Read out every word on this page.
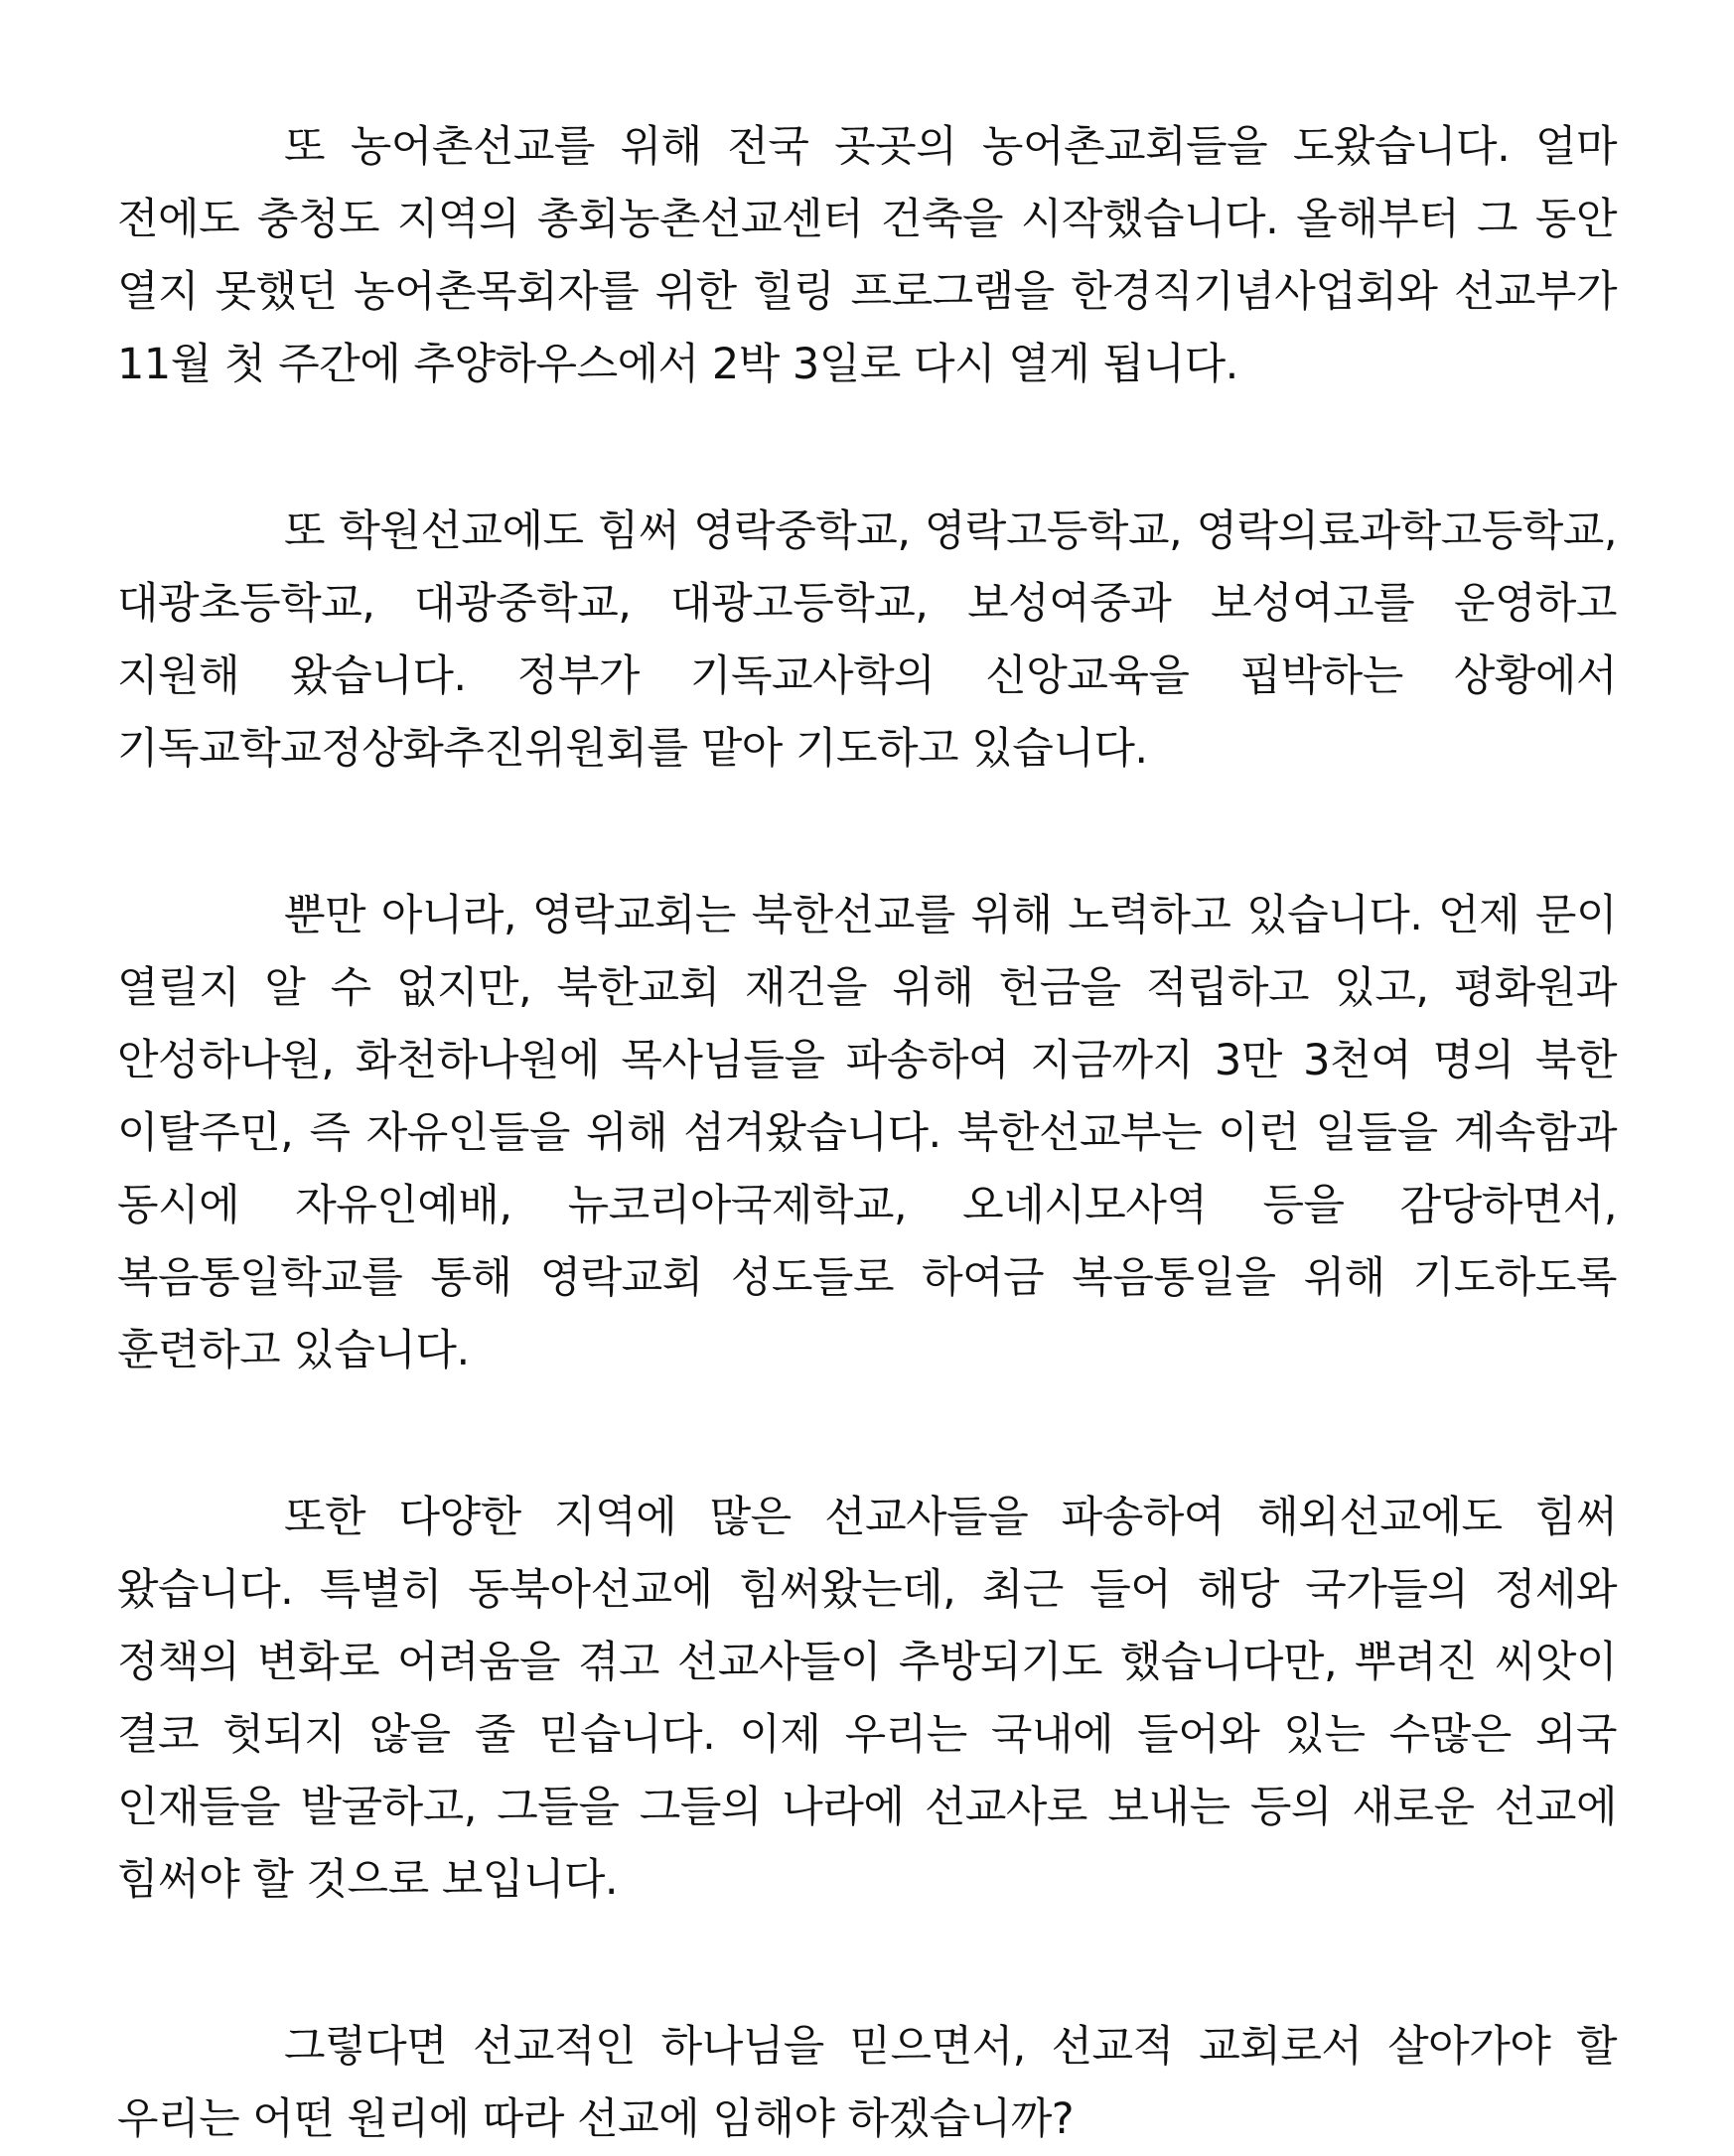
또 농어촌선교를 위해 전국 곳곳의 농어촌교회들을 도왔습니다. 얼마 전에도 충청도 지역의 총회농촌선교센터 건축을 시작했습니다. 올해부터 그 동안 열지 못했던 농어촌목회자를 위한 힐링 프로그램을 한경직기념사업회와 선교부가 11월 첫 주간에 추양하우스에서 2박 3일로 다시 열게 됩니다.

또 학원선교에도 힘써 영락중학교, 영락고등학교, 영락의료과학고등학교, 대광초등학교, 대광중학교, 대광고등학교, 보성여중과 보성여고를 운영하고 지원해 왔습니다. 정부가 기독교사학의 신앙교육을 핍박하는 상황에서 기독교학교정상화추진위원회를 맡아 기도하고 있습니다.

뿐만 아니라, 영락교회는 북한선교를 위해 노력하고 있습니다. 언제 문이 열릴지 알 수 없지만, 북한교회 재건을 위해 헌금을 적립하고 있고, 평화원과 안성하나원, 화천하나원에 목사님들을 파송하여 지금까지 3만 3천여 명의 북한 이탈주민, 즉 자유인들을 위해 섬겨왔습니다. 북한선교부는 이런 일들을 계속함과 동시에 자유인예배, 뉴코리아국제학교, 오네시모사역 등을 감당하면서, 복음통일학교를 통해 영락교회 성도들로 하여금 복음통일을 위해 기도하도록 훈련하고 있습니다.

또한 다양한 지역에 많은 선교사들을 파송하여 해외선교에도 힘써 왔습니다. 특별히 동북아선교에 힘써왔는데, 최근 들어 해당 국가들의 정세와 정책의 변화로 어려움을 겪고 선교사들이 추방되기도 했습니다만, 뿌려진 씨앗이 결코 헛되지 않을 줄 믿습니다. 이제 우리는 국내에 들어와 있는 수많은 외국 인재들을 발굴하고, 그들을 그들의 나라에 선교사로 보내는 등의 새로운 선교에 힘써야 할 것으로 보입니다.

그렇다면 선교적인 하나님을 믿으면서, 선교적 교회로서 살아가야 할 우리는 어떤 원리에 따라 선교에 임해야 하겠습니까?
